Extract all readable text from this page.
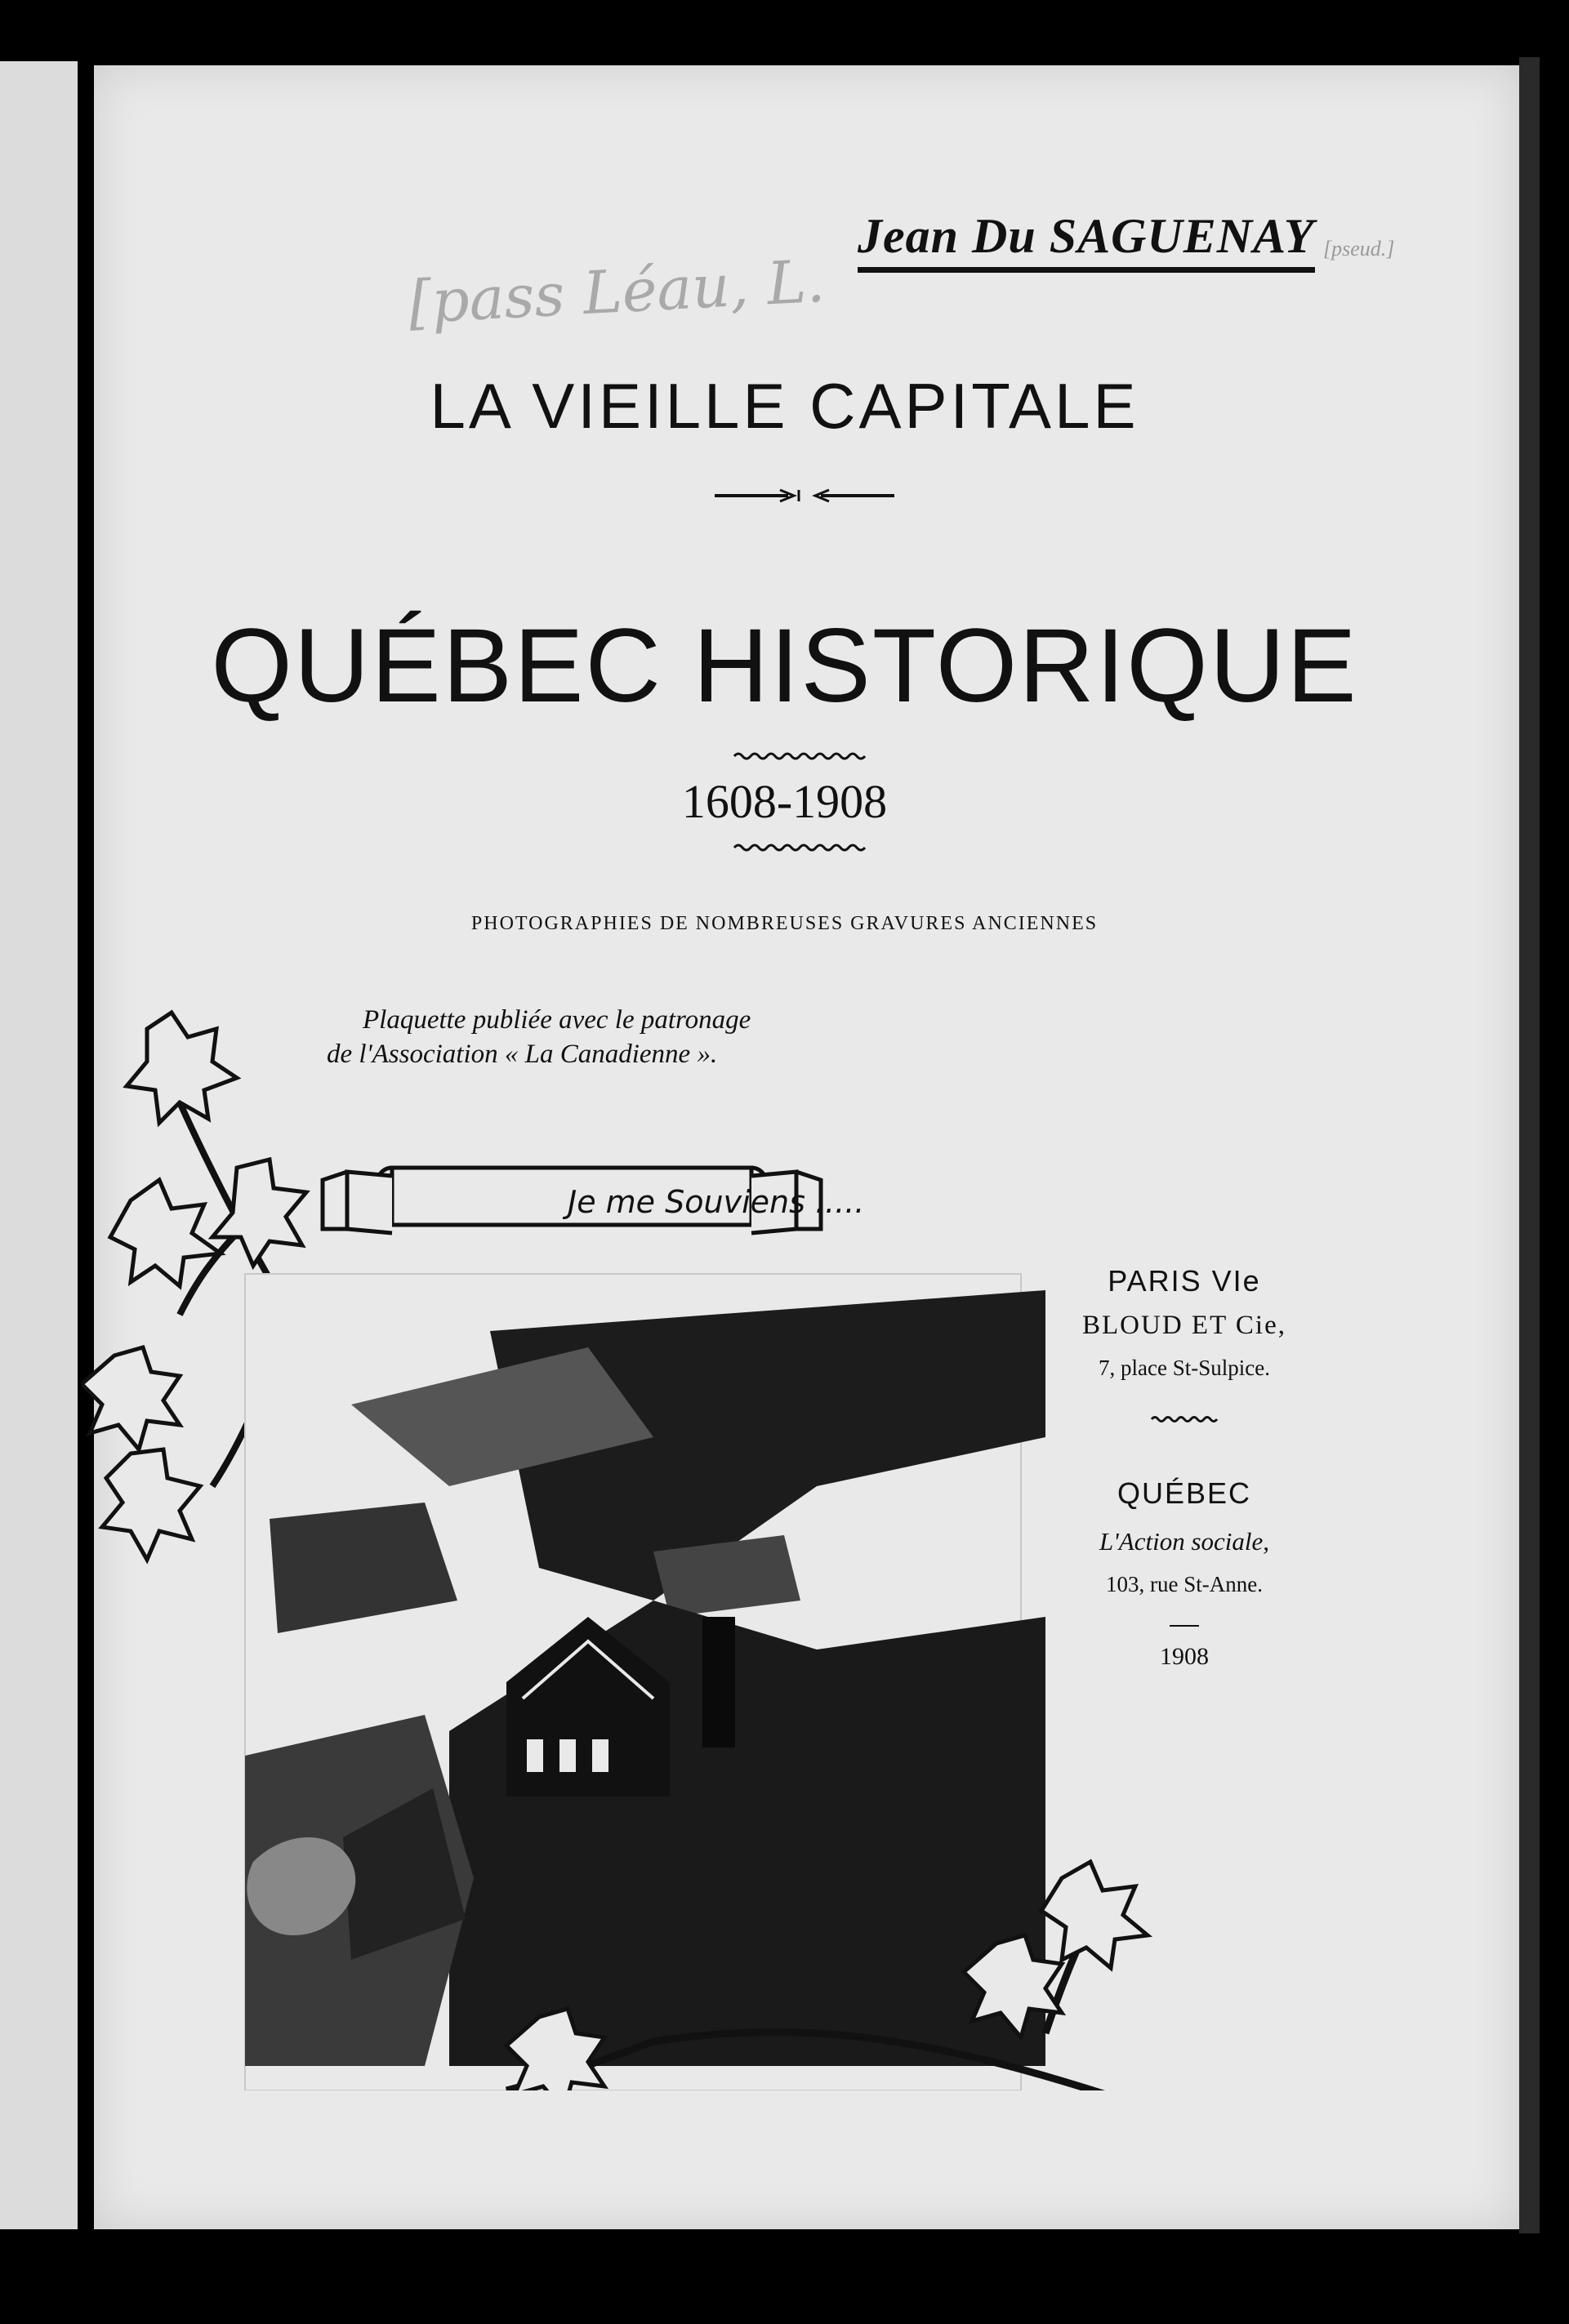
Jean Du SAGUENAY [pseud.]
[pass Léau, L.
LA VIEILLE CAPITALE
QUÉBEC HISTORIQUE
1608-1908
PHOTOGRAPHIES DE NOMBREUSES GRAVURES ANCIENNES
Plaquette publiée avec le patronage
de l'Association « La Canadienne ».
Je me Souviens .....
PARIS VIe
BLOUD ET Cie,
7, place St-Sulpice.
QUÉBEC
L'Action sociale,
103, rue St-Anne.
1908
